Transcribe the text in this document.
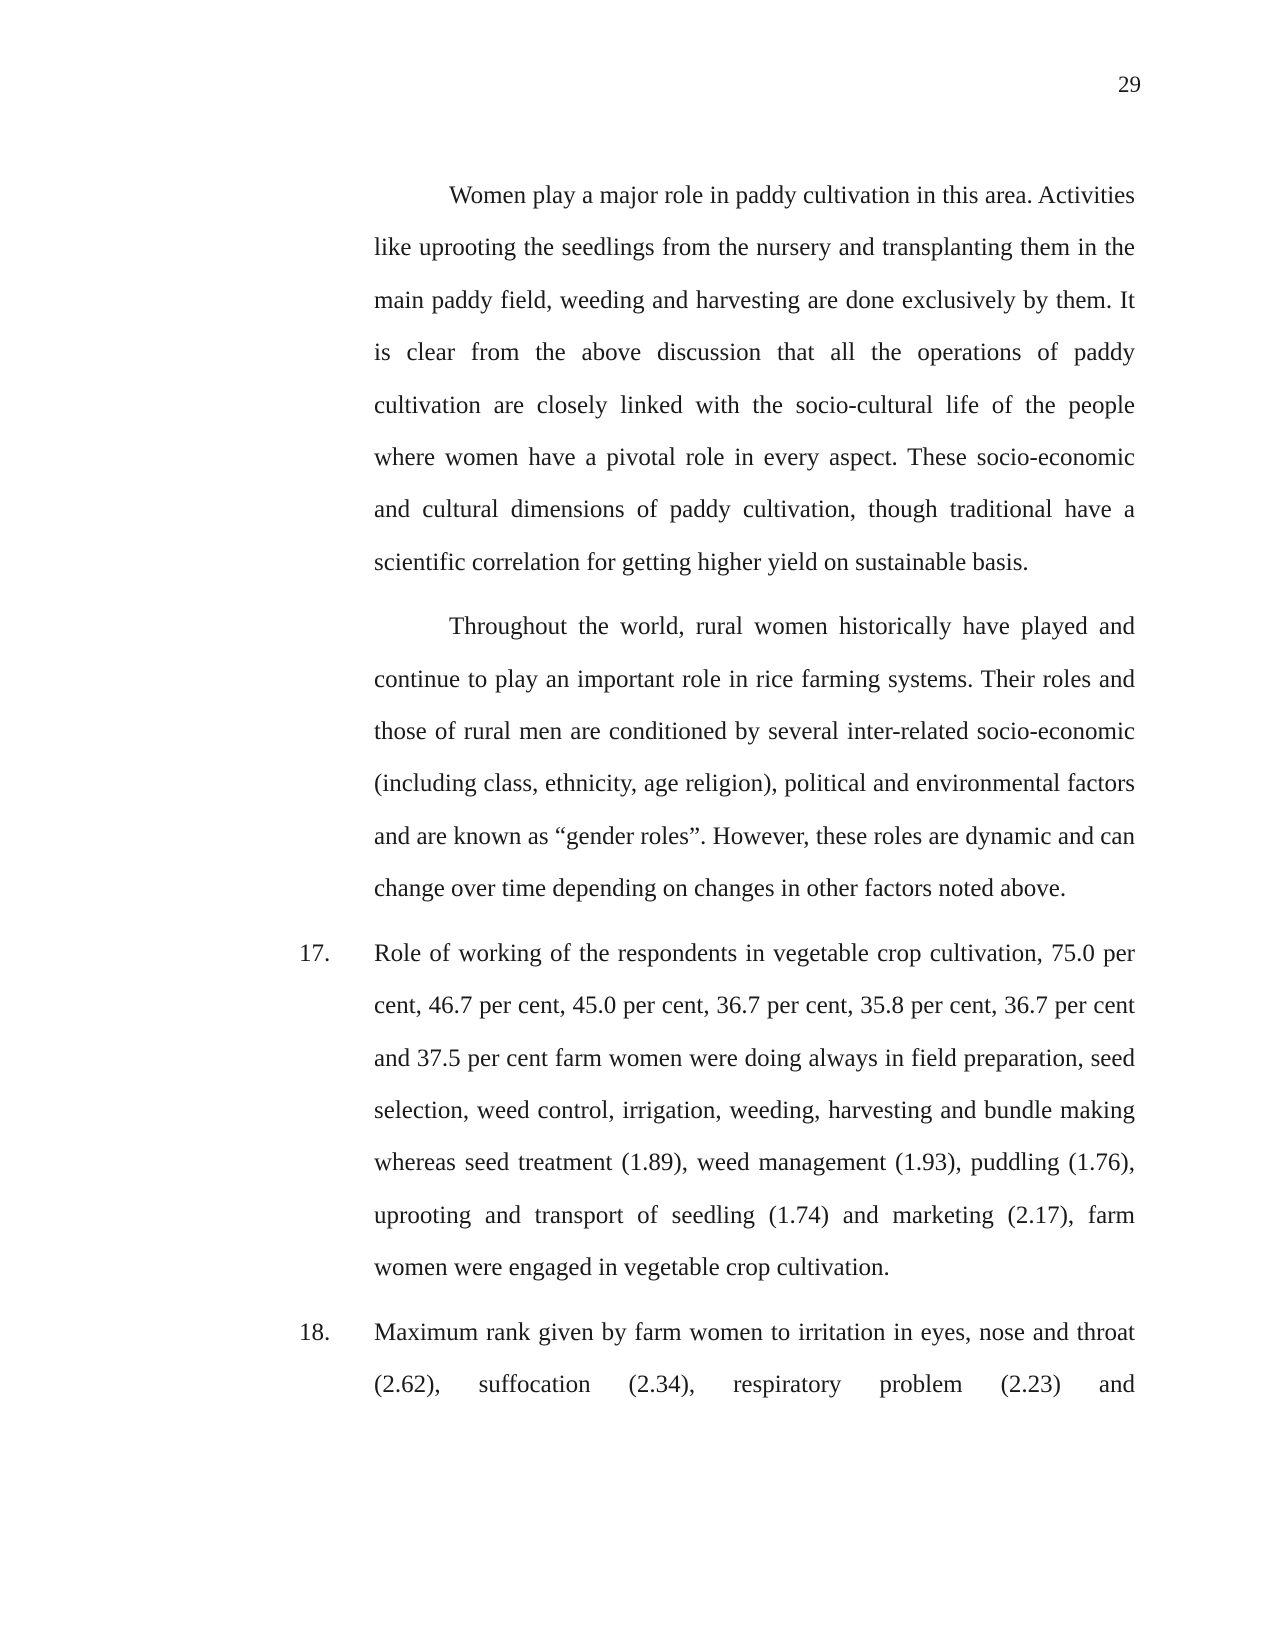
29

Women play a major role in paddy cultivation in this area. Activities like uprooting the seedlings from the nursery and transplanting them in the main paddy field, weeding and harvesting are done exclusively by them. It is clear from the above discussion that all the operations of paddy cultivation are closely linked with the socio-cultural life of the people where women have a pivotal role in every aspect. These socio-economic and cultural dimensions of paddy cultivation, though traditional have a scientific correlation for getting higher yield on sustainable basis.

Throughout the world, rural women historically have played and continue to play an important role in rice farming systems. Their roles and those of rural men are conditioned by several inter-related socio-economic (including class, ethnicity, age religion), political and environmental factors and are known as “gender roles”. However, these roles are dynamic and can change over time depending on changes in other factors noted above.

17. Role of working of the respondents in vegetable crop cultivation, 75.0 per cent, 46.7 per cent, 45.0 per cent, 36.7 per cent, 35.8 per cent, 36.7 per cent and 37.5 per cent farm women were doing always in field preparation, seed selection, weed control, irrigation, weeding, harvesting and bundle making whereas seed treatment (1.89), weed management (1.93), puddling (1.76), uprooting and transport of seedling (1.74) and marketing (2.17), farm women were engaged in vegetable crop cultivation.

18. Maximum rank given by farm women to irritation in eyes, nose and throat (2.62), suffocation (2.34), respiratory problem (2.23) and
